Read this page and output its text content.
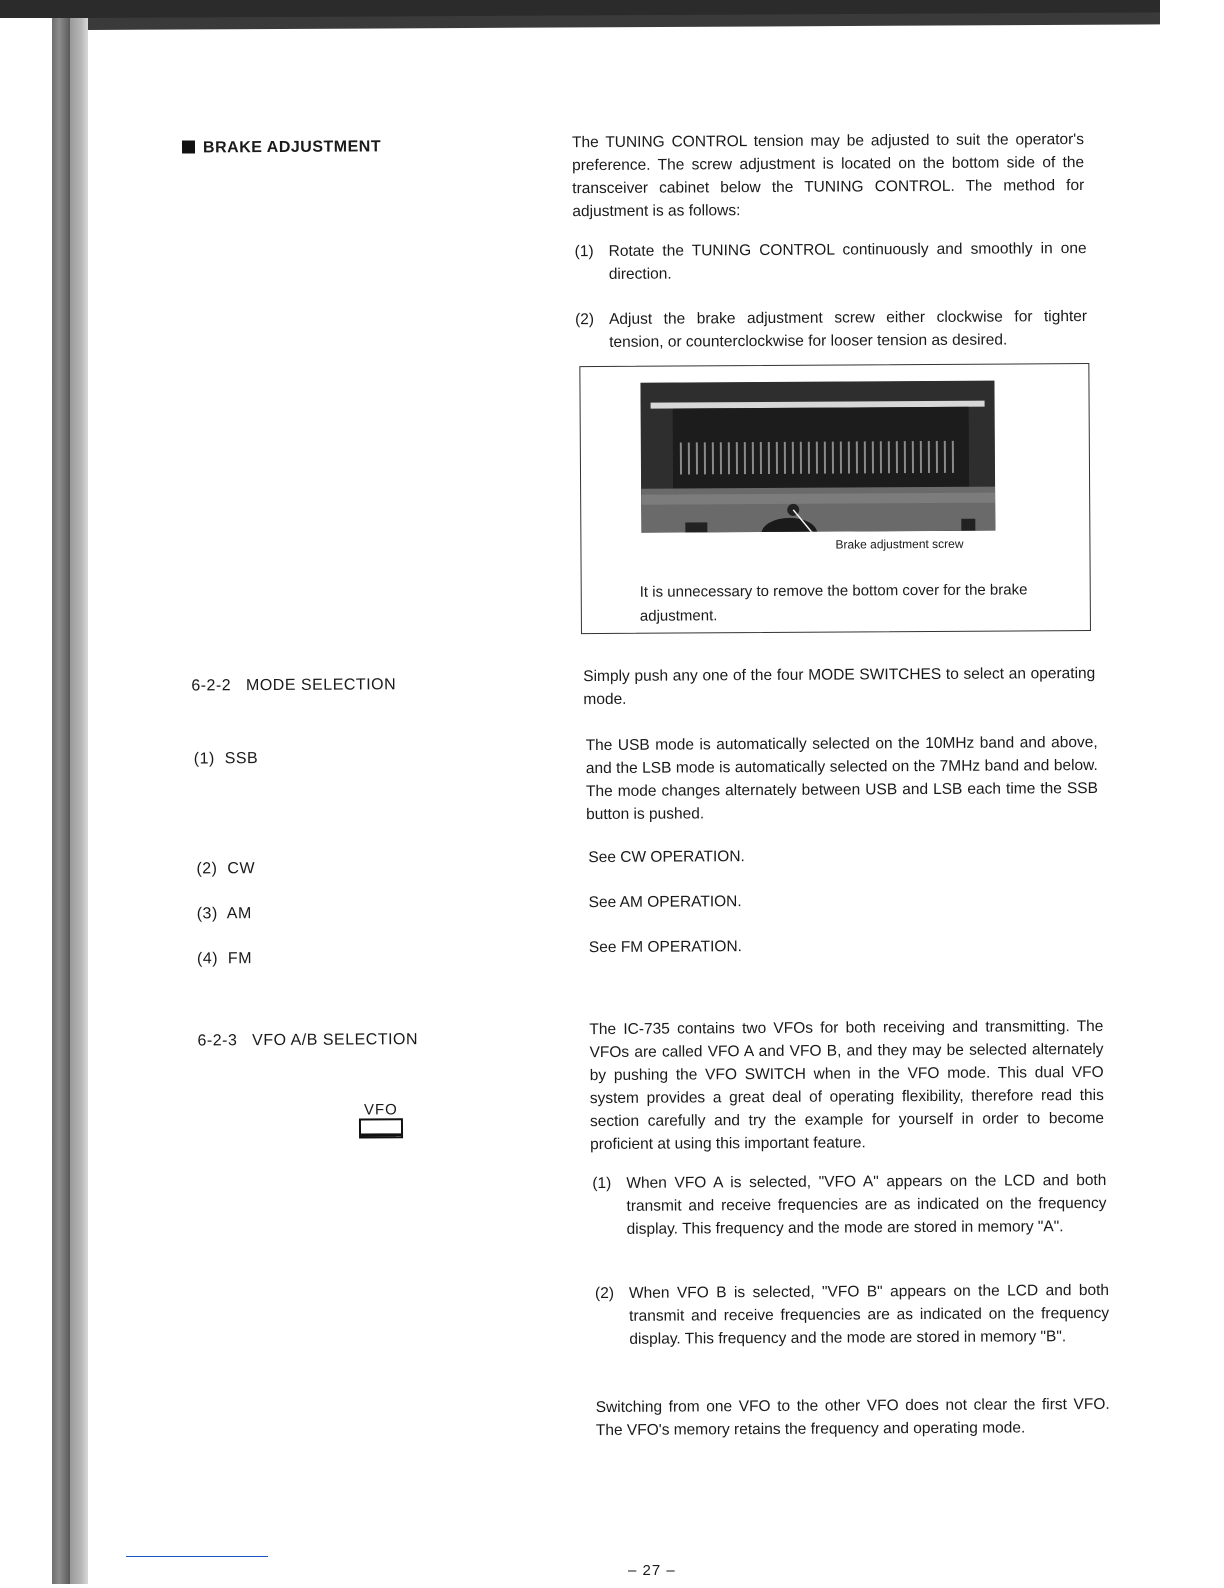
BRAKE ADJUSTMENT	The TUNING CONTROL tension may be adjusted to suit the operator's preference. The screw adjustment is located on the bottom side of the transceiver cabinet below the TUNING CONTROL. The method for adjustment is as follows:
(1) Rotate the TUNING CONTROL continuously and smoothly in one direction.
(2) Adjust the brake adjustment screw either clockwise for tighter tension, or counterclockwise for looser tension as desired.
Brake adjustment screw
It is unnecessary to remove the bottom cover for the brake adjustment.
6-2-2   MODE SELECTION
Simply push any one of the four MODE SWITCHES to select an operating mode.
(1)  SSB
The USB mode is automatically selected on the 10MHz band and above, and the LSB mode is automatically selected on the 7MHz band and below. The mode changes alternately between USB and LSB each time the SSB button is pushed.
(2)  CW
See CW OPERATION.
(3)  AM
See AM OPERATION.
(4)  FM
See FM OPERATION.
6-2-3   VFO A/B SELECTION
VFO
The IC-735 contains two VFOs for both receiving and transmitting. The VFOs are called VFO A and VFO B, and they may be selected alternately by pushing the VFO SWITCH when in the VFO mode. This dual VFO system provides a great deal of operating flexibility, therefore read this section carefully and try the example for yourself in order to become proficient at using this important feature.
(1) When VFO A is selected, "VFO A" appears on the LCD and both transmit and receive frequencies are as indicated on the frequency display. This frequency and the mode are stored in memory "A".
(2) When VFO B is selected, "VFO B" appears on the LCD and both transmit and receive frequencies are as indicated on the frequency display. This frequency and the mode are stored in memory "B".
Switching from one VFO to the other VFO does not clear the first VFO. The VFO's memory retains the frequency and operating mode.
– 27 –
